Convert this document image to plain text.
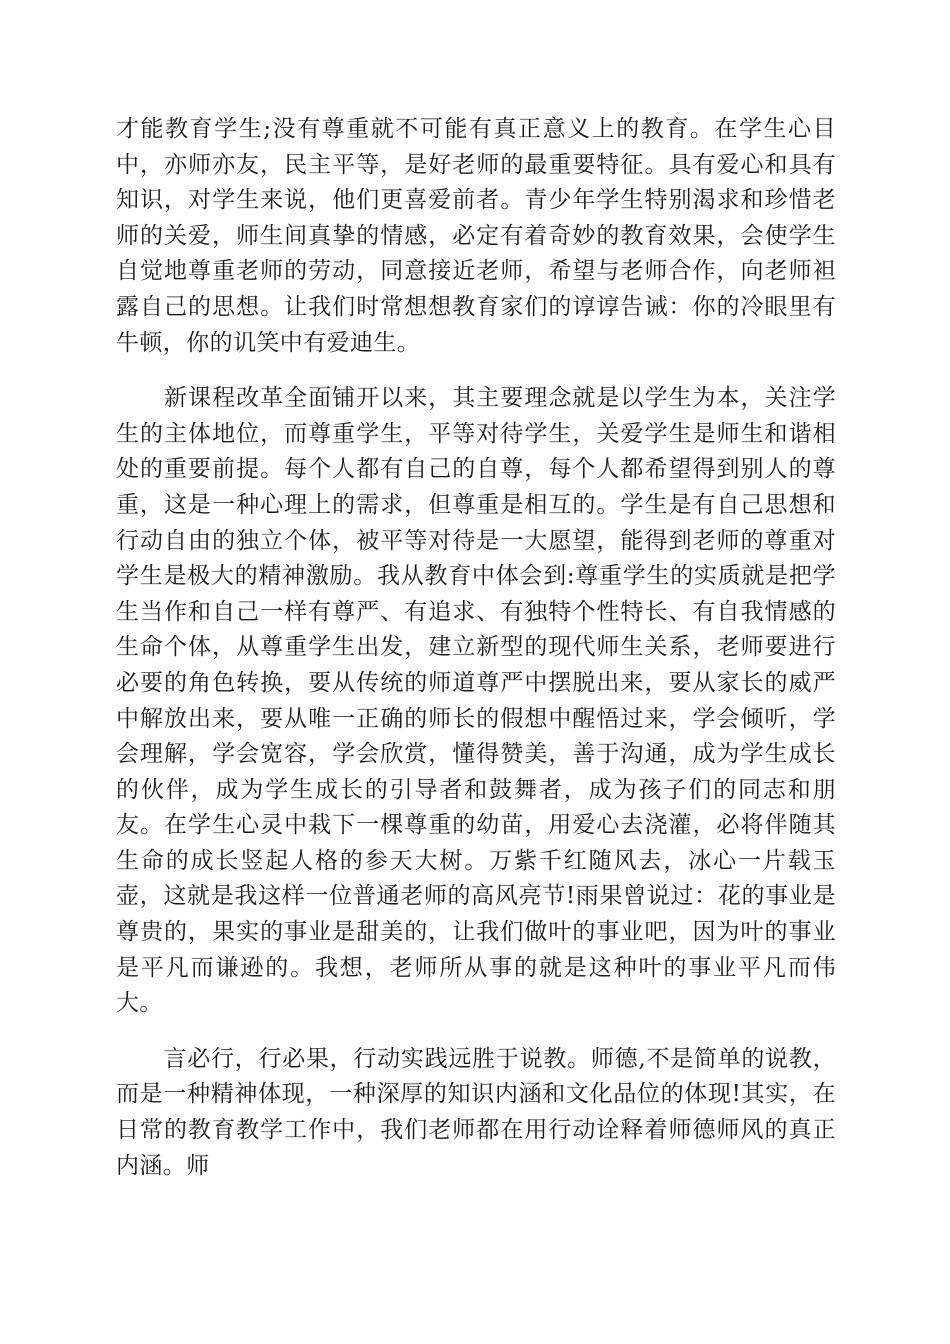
才能教育学生;没有尊重就不可能有真正意义上的教育。在学生心目中，亦师亦友，民主平等，是好老师的最重要特征。具有爱心和具有知识，对学生来说，他们更喜爱前者。青少年学生特别渴求和珍惜老师的关爱，师生间真挚的情感，必定有着奇妙的教育效果，会使学生自觉地尊重老师的劳动，同意接近老师，希望与老师合作，向老师袒露自己的思想。让我们时常想想教育家们的谆谆告诫：你的冷眼里有牛顿，你的讥笑中有爱迪生。

　　新课程改革全面铺开以来，其主要理念就是以学生为本，关注学生的主体地位，而尊重学生，平等对待学生，关爱学生是师生和谐相处的重要前提。每个人都有自己的自尊，每个人都希望得到别人的尊重，这是一种心理上的需求，但尊重是相互的。学生是有自己思想和行动自由的独立个体，被平等对待是一大愿望，能得到老师的尊重对学生是极大的精神激励。我从教育中体会到:尊重学生的实质就是把学生当作和自己一样有尊严、有追求、有独特个性特长、有自我情感的生命个体，从尊重学生出发，建立新型的现代师生关系，老师要进行必要的角色转换，要从传统的师道尊严中摆脱出来，要从家长的威严中解放出来，要从唯一正确的师长的假想中醒悟过来，学会倾听，学会理解，学会宽容，学会欣赏，懂得赞美，善于沟通，成为学生成长的伙伴，成为学生成长的引导者和鼓舞者，成为孩子们的同志和朋友。在学生心灵中栽下一棵尊重的幼苗，用爱心去浇灌，必将伴随其生命的成长竖起人格的参天大树。万紫千红随风去，冰心一片载玉壶，这就是我这样一位普通老师的高风亮节!雨果曾说过：花的事业是尊贵的，果实的事业是甜美的，让我们做叶的事业吧，因为叶的事业是平凡而谦逊的。我想，老师所从事的就是这种叶的事业平凡而伟大。

　　言必行，行必果，行动实践远胜于说教。师德,不是简单的说教，而是一种精神体现，一种深厚的知识内涵和文化品位的体现!其实，在日常的教育教学工作中，我们老师都在用行动诠释着师德师风的真正内涵。师
